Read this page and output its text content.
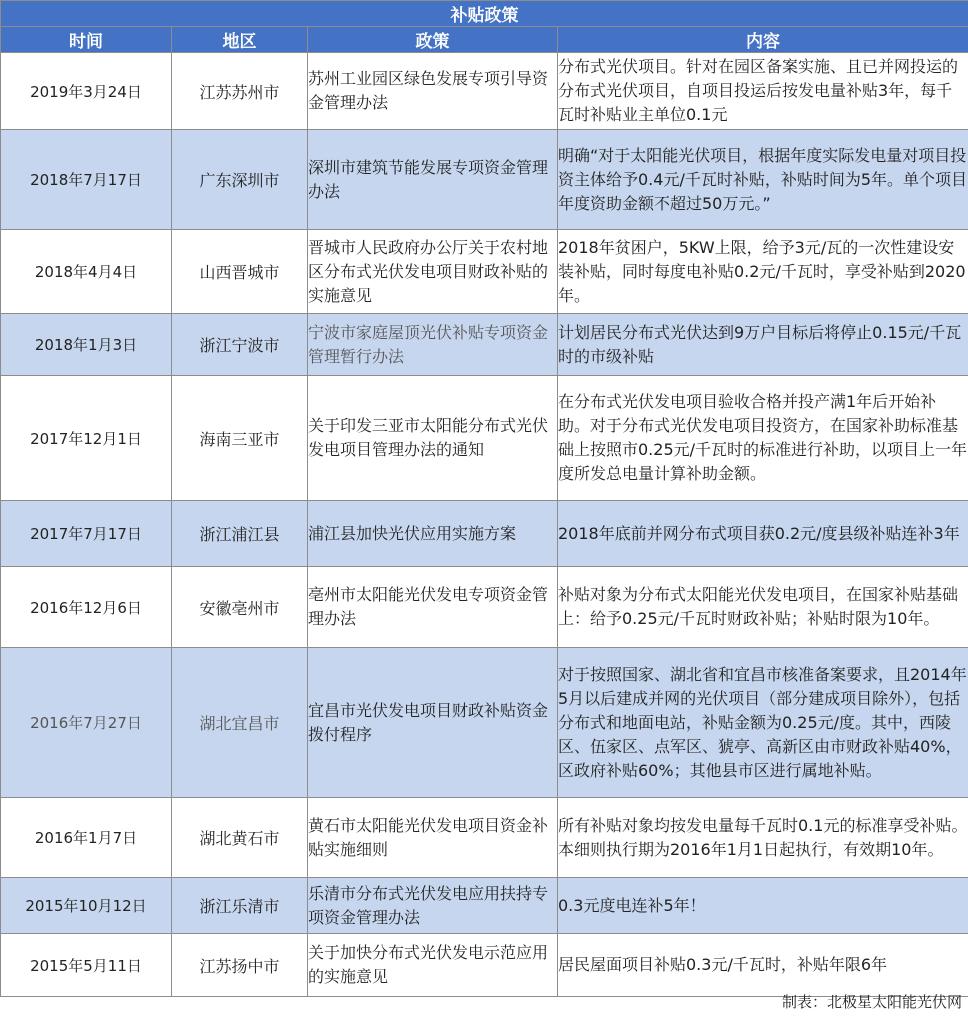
补贴政策			
时间	地区	政策	内容
2019年3月24日	江苏苏州市	苏州工业园区绿色发展专项引导资金管理办法	分布式光伏项目。针对在园区备案实施、且已并网投运的分布式光伏项目，自项目投运后按发电量补贴3年，每千瓦时补贴业主单位0.1元
2018年7月17日	广东深圳市	深圳市建筑节能发展专项资金管理办法	明确“对于太阳能光伏项目，根据年度实际发电量对项目投资主体给予0.4元/千瓦时补贴，补贴时间为5年。单个项目年度资助金额不超过50万元。”
2018年4月4日	山西晋城市	晋城市人民政府办公厅关于农村地区分布式光伏发电项目财政补贴的实施意见	2018年贫困户，5KW上限，给予3元/瓦的一次性建设安装补贴，同时每度电补贴0.2元/千瓦时，享受补贴到2020年。
2018年1月3日	浙江宁波市	宁波市家庭屋顶光伏补贴专项资金管理暂行办法	计划居民分布式光伏达到9万户目标后将停止0.15元/千瓦时的市级补贴
2017年12月1日	海南三亚市	关于印发三亚市太阳能分布式光伏发电项目管理办法的通知	在分布式光伏发电项目验收合格并投产满1年后开始补助。对于分布式光伏发电项目投资方，在国家补助标准基础上按照市0.25元/千瓦时的标准进行补助，以项目上一年度所发总电量计算补助金额。
2017年7月17日	浙江浦江县	浦江县加快光伏应用实施方案	2018年底前并网分布式项目获0.2元/度县级补贴连补3年
2016年12月6日	安徽亳州市	亳州市太阳能光伏发电专项资金管理办法	补贴对象为分布式太阳能光伏发电项目，在国家补贴基础上：给予0.25元/千瓦时财政补贴；补贴时限为10年。
2016年7月27日	湖北宜昌市	宜昌市光伏发电项目财政补贴资金拨付程序	对于按照国家、湖北省和宜昌市核准备案要求，且2014年5月以后建成并网的光伏项目（部分建成项目除外），包括分布式和地面电站，补贴金额为0.25元/度。其中，西陵区、伍家区、点军区、猇亭、高新区由市财政补贴40%，区政府补贴60%；其他县市区进行属地补贴。
2016年1月7日	湖北黄石市	黄石市太阳能光伏发电项目资金补贴实施细则	所有补贴对象均按发电量每千瓦时0.1元的标准享受补贴。本细则执行期为2016年1月1日起执行，有效期10年。
2015年10月12日	浙江乐清市	乐清市分布式光伏发电应用扶持专项资金管理办法	0.3元度电连补5年！
2015年5月11日	江苏扬中市	关于加快分布式光伏发电示范应用的实施意见	居民屋面项目补贴0.3元/千瓦时，补贴年限6年
制表：北极星太阳能光伏网
